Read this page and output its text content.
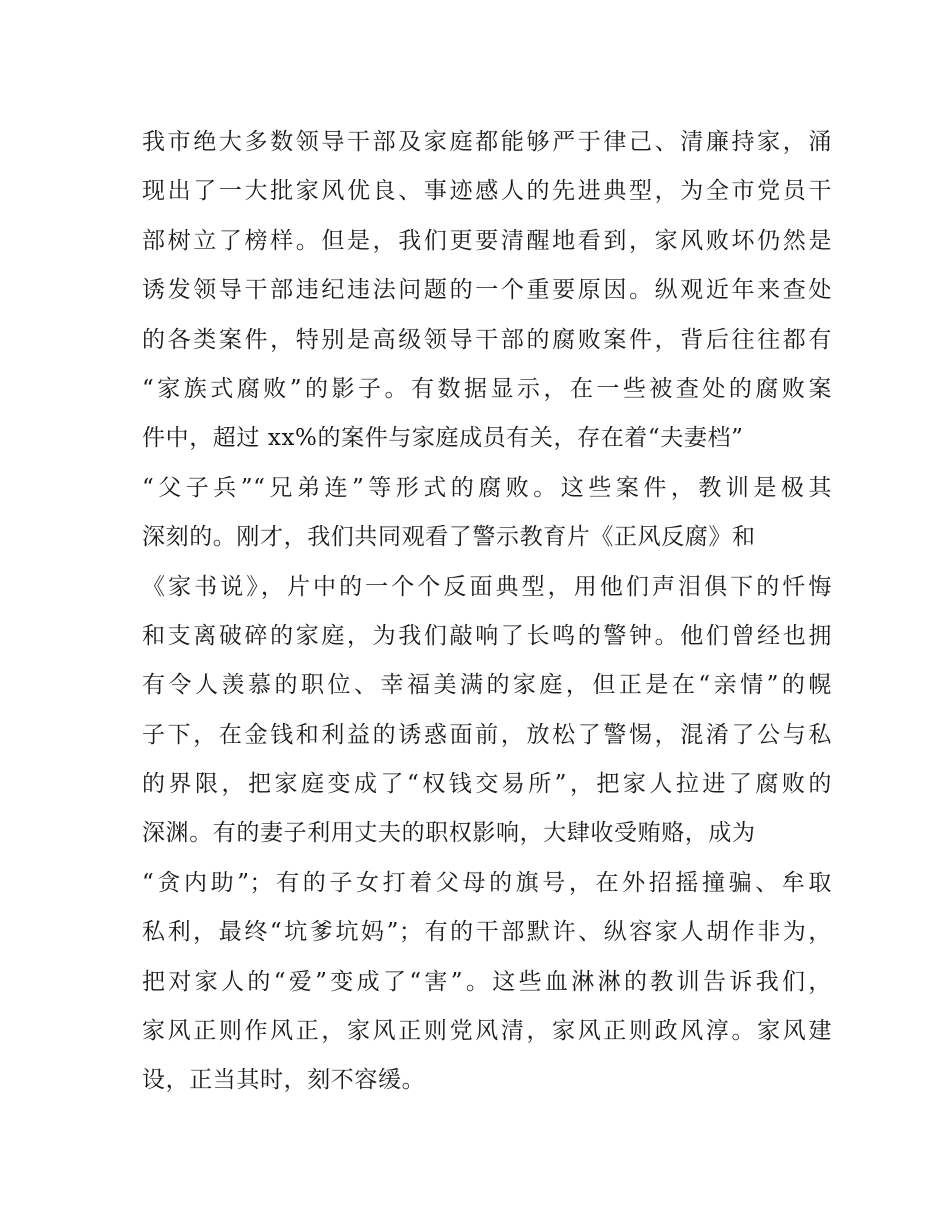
我市绝大多数领导干部及家庭都能够严于律己、清廉持家，涌
现出了一大批家风优良、事迹感人的先进典型，为全市党员干
部树立了榜样。但是，我们更要清醒地看到，家风败坏仍然是
诱发领导干部违纪违法问题的一个重要原因。纵观近年来查处
的各类案件，特别是高级领导干部的腐败案件，背后往往都有
“家族式腐败”的影子。有数据显示，在一些被查处的腐败案
件中，超过 xx%的案件与家庭成员有关，存在着“夫妻档”
“父子兵”“兄弟连”等形式的腐败。这些案件，教训是极其
深刻的。刚才，我们共同观看了警示教育片《正风反腐》和
《家书说》，片中的一个个反面典型，用他们声泪俱下的忏悔
和支离破碎的家庭，为我们敲响了长鸣的警钟。他们曾经也拥
有令人羡慕的职位、幸福美满的家庭，但正是在“亲情”的幌
子下，在金钱和利益的诱惑面前，放松了警惕，混淆了公与私
的界限，把家庭变成了“权钱交易所”，把家人拉进了腐败的
深渊。有的妻子利用丈夫的职权影响，大肆收受贿赂，成为
“贪内助”；有的子女打着父母的旗号，在外招摇撞骗、牟取
私利，最终“坑爹坑妈”；有的干部默许、纵容家人胡作非为，
把对家人的“爱”变成了“害”。这些血淋淋的教训告诉我们，
家风正则作风正，家风正则党风清，家风正则政风淳。家风建
设，正当其时，刻不容缓。
